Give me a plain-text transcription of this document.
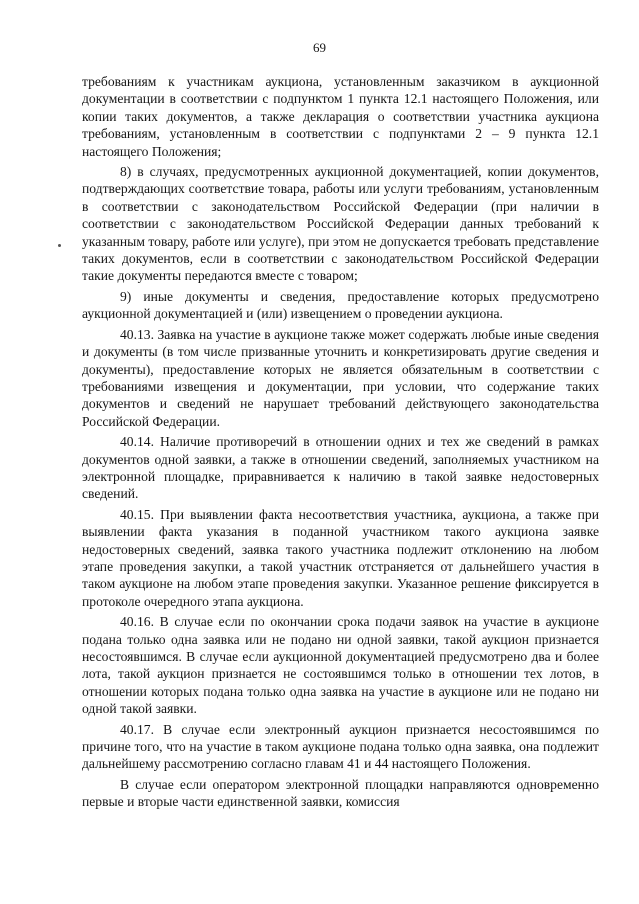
69

требованиям к участникам аукциона, установленным заказчиком в аукционной документации в соответствии с подпунктом 1 пункта 12.1 настоящего Положения, или копии таких документов, а также декларация о соответствии участника аукциона требованиям, установленным в соответствии с подпунктами 2 – 9 пункта 12.1 настоящего Положения;

8) в случаях, предусмотренных аукционной документацией, копии документов, подтверждающих соответствие товара, работы или услуги требованиям, установленным в соответствии с законодательством Российской Федерации (при наличии в соответствии с законодательством Российской Федерации данных требований к указанным товару, работе или услуге), при этом не допускается требовать представление таких документов, если в соответствии с законодательством Российской Федерации такие документы передаются вместе с товаром;

9) иные документы и сведения, предоставление которых предусмотрено аукционной документацией и (или) извещением о проведении аукциона.

40.13. Заявка на участие в аукционе также может содержать любые иные сведения и документы (в том числе призванные уточнить и конкретизировать другие сведения и документы), предоставление которых не является обязательным в соответствии с требованиями извещения и документации, при условии, что содержание таких документов и сведений не нарушает требований действующего законодательства Российской Федерации.

40.14. Наличие противоречий в отношении одних и тех же сведений в рамках документов одной заявки, а также в отношении сведений, заполняемых участником на электронной площадке, приравнивается к наличию в такой заявке недостоверных сведений.

40.15. При выявлении факта несоответствия участника, аукциона, а также при выявлении факта указания в поданной участником такого аукциона заявке недостоверных сведений, заявка такого участника подлежит отклонению на любом этапе проведения закупки, а такой участник отстраняется от дальнейшего участия в таком аукционе на любом этапе проведения закупки. Указанное решение фиксируется в протоколе очередного этапа аукциона.

40.16. В случае если по окончании срока подачи заявок на участие в аукционе подана только одна заявка или не подано ни одной заявки, такой аукцион признается несостоявшимся. В случае если аукционной документацией предусмотрено два и более лота, такой аукцион признается не состоявшимся только в отношении тех лотов, в отношении которых подана только одна заявка на участие в аукционе или не подано ни одной такой заявки.

40.17. В случае если электронный аукцион признается несостоявшимся по причине того, что на участие в таком аукционе подана только одна заявка, она подлежит дальнейшему рассмотрению согласно главам 41 и 44 настоящего Положения.

В случае если оператором электронной площадки направляются одновременно первые и вторые части единственной заявки, комиссия
